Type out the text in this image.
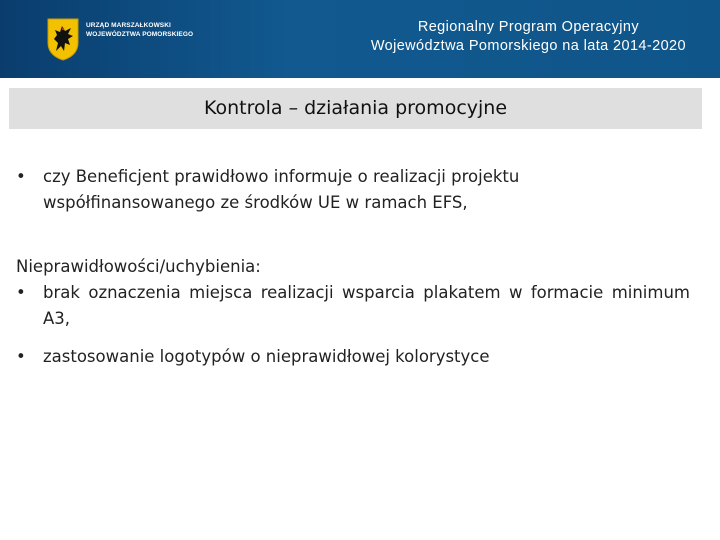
URZĄD MARSZAŁKOWSKI
WOJEWÓDZTWA POMORSKIEGO	Regionalny Program Operacyjny
Województwa Pomorskiego na lata 2014-2020
Kontrola – działania promocyjne
• czy Beneficjent prawidłowo informuje o realizacji projektu współfinansowanego ze środków UE w ramach EFS,
Nieprawidłowości/uchybienia:
• brak oznaczenia miejsca realizacji wsparcia plakatem w formacie minimum A3,
• zastosowanie logotypów o nieprawidłowej kolorystyce
